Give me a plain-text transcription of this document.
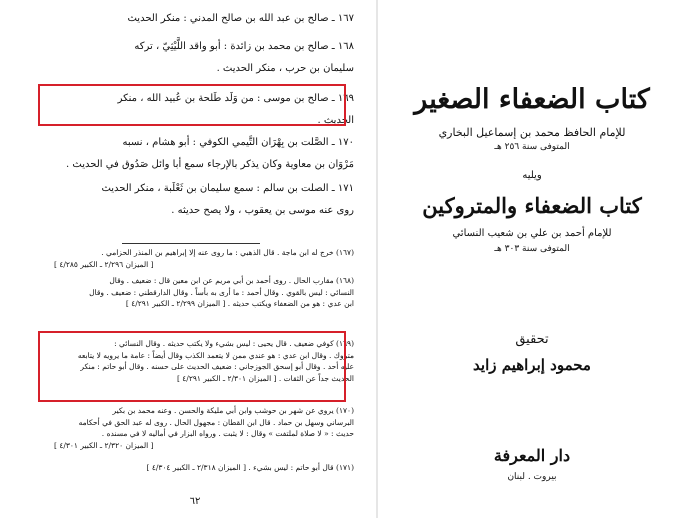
١٦٧ ـ صالح بن عبد الله بن صالح المدني : منكر الحديث
١٦٨ ـ صالح بن محمد بن زائدة : أبو واقد اللَّيْثِيّ ، تركه
سليمان بن حرب ، منكر الحديث .
١٦٩ ـ صالح بن موسى : من وَلَد طَلحة بن عُبيد الله ، منكر
الحديث .
١٧٠ ـ الصَّلت بن بِهْرَان التَّيمي الكوفي : أبو هشام ، نسبه
مَرْوَان بن معاوية وكان يذكر بالإرجاء سمع أبا وائل صَدُوق في الحديث .
١٧١ ـ الصلت بن سالم : سمع سليمان بن ثَعْلَبة ، منكر الحديث
روى عنه موسى بن يعقوب ، ولا يصح حديثه .
(١٦٧) خرج له ابن ماجة . قال الذهبي : ما روى عنه إلا إبراهيم بن المنذر الحزامي .
[ الميزان ٢/٢٩٦ ـ الكبير ٤/٢٨٥ ]
(١٦٨) مقارب الحال . روى أحمد بن أبي مريم عن ابن معين قال : ضعيف . وقال
النسائي : ليس بالقوي . وقال أحمد : ما أرى به بأساً . وقال الدارقطني : ضعيف . وقال
ابن عدي : هو من الضعفاء ويكتب حديثه . [ الميزان ٢/٢٩٩ ـ الكبير ٤/٢٩١ ]
(١٦٩) كوفي ضعيف . قال يحيى : ليس بشيء ولا يكتب حديثه . وقال النسائي :
متروك . وقال ابن عدي : هو عندي ممن لا يتعمد الكذب وقال أيضاً : عامة ما يرويه لا يتابعه
عليه أحد . وقال أبو إسحق الجوزجاني : ضعيف الحديث على حسنه . وقال أبو حاتم : منكر
الحديث جداً عن الثقات . [ الميزان ٢/٣٠١ ـ الكبير ٤/٢٩١ ]
(١٧٠) يروي عن شهر بن حوشب وابن أبي مليكة والحسن . وعنه محمد بن بكير
البرساني وسهل بن حماد . قال ابن القطان : مجهول الحال . روى له عبد الحق في أحكامه
حديث : « لا صلاة لملتفت » وقال : لا يثبت . ورواه البزار في أماليه لا في مسنده .
[ الميزان ٢/٣٢٠ ـ الكبير ٤/٣٠١ ]
(١٧١) قال أبو حاتم : ليس بشيء . [ الميزان ٢/٣١٨ ـ الكبير ٤/٣٠٤ ]
٦٢
كتاب الضعفاء الصغير
للإمام الحافظ محمد بن إسماعيل البخاري
المتوفى سنة ٢٥٦ هـ
ويليه
كتاب الضعفاء والمتروكين
للإمام أحمد بن علي بن شعيب النسائي
المتوفى سنة ٣٠٣ هـ
تحقيق
محمود إبراهيم زايد
دار المعرفة
بيروت . لبنان
